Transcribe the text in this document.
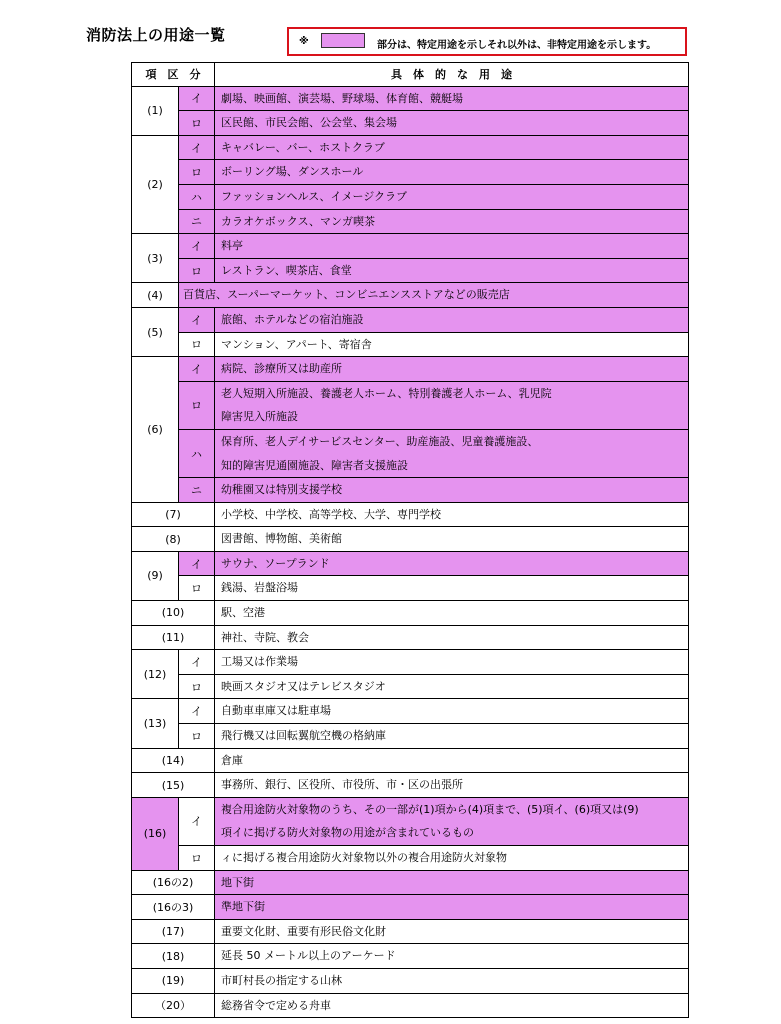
消防法上の用途一覧	※	部分は、特定用途を示しそれ以外は、非特定用途を示します。
項　区　分		具　体　的　な　用　途
(1)	イ	劇場、映画館、演芸場、野球場、体育館、競艇場
	ロ	区民館、市民会館、公会堂、集会場
(2)	イ	キャバレー、バー、ホストクラブ
	ロ	ボーリング場、ダンスホール
	ハ	ファッションヘルス、イメージクラブ
	ニ	カラオケボックス、マンガ喫茶
(3)	イ	料亭
	ロ	レストラン、喫茶店、食堂
(4)	百貨店、スーパーマーケット、コンビニエンスストアなどの販売店	
(5)	イ	旅館、ホテルなどの宿泊施設
	ロ	マンション、アパート、寄宿舎
(6)	イ	病院、診療所又は助産所
	ロ	老人短期入所施設、養護老人ホーム、特別養護老人ホーム、乳児院
障害児入所施設

	ハ	保育所、老人デイサービスセンター、助産施設、児童養護施設、
知的障害児通園施設、障害者支援施設

	ニ	幼稚園又は特別支援学校
(7)		小学校、中学校、高等学校、大学、専門学校
(8)		図書館、博物館、美術館
(9)	イ	サウナ、ソープランド
	ロ	銭湯、岩盤浴場
(10)		駅、空港
(11)		神社、寺院、教会
(12)	イ	工場又は作業場
	ロ	映画スタジオ又はテレビスタジオ
(13)	イ	自動車車庫又は駐車場
	ロ	飛行機又は回転翼航空機の格納庫
(14)		倉庫
(15)		事務所、銀行、区役所、市役所、市・区の出張所
(16)	イ	複合用途防火対象物のうち、その一部が(1)項から(4)項まで、(5)項イ、(6)項又は(9)
項イに掲げる防火対象物の用途が含まれているもの

	ロ	ィに掲げる複合用途防火対象物以外の複合用途防火対象物
(16の2)		地下街
(16の3)		準地下街
(17)		重要文化財、重要有形民俗文化財
(18)		延長 50 メートル以上のアーケード
(19)		市町村長の指定する山林
（20）		総務省令で定める舟車
